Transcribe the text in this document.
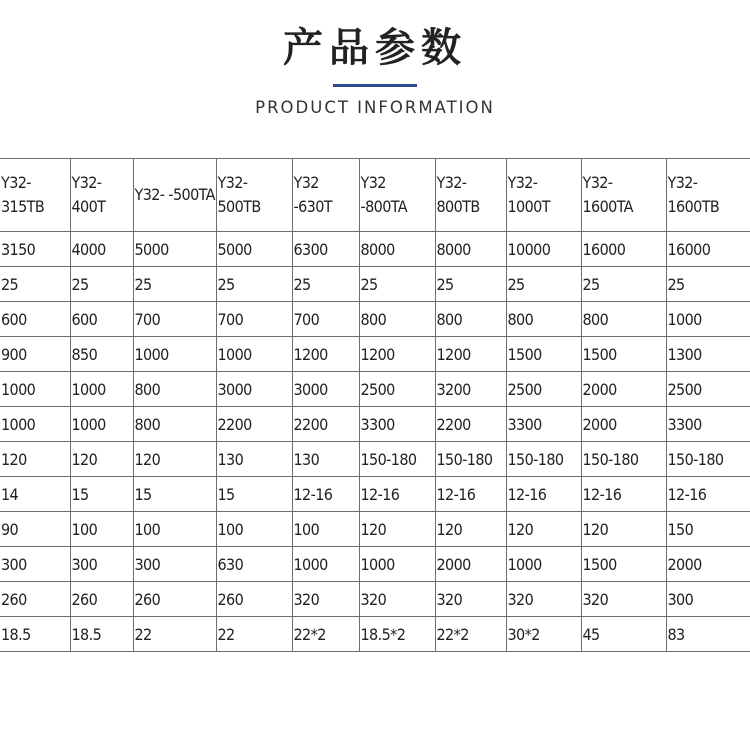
产品参数
PRODUCT INFORMATION
Y32-315TB	Y32-400T	Y32- -500TA	Y32- 500TB	Y32 -630T	Y32 -800TA	Y32-800TB	Y32- 1000T	Y32- 1600TA	Y32- 1600TB
3150	4000	5000	5000	6300	8000	8000	10000	16000	16000
25	25	25	25	25	25	25	25	25	25
600	600	700	700	700	800	800	800	800	1000
900	850	1000	1000	1200	1200	1200	1500	1500	1300
1000	1000	800	3000	3000	2500	3200	2500	2000	2500
1000	1000	800	2200	2200	3300	2200	3300	2000	3300
120	120	120	130	130	150-180	150-180	150-180	150-180	150-180
14	15	15	15	12-16	12-16	12-16	12-16	12-16	12-16
90	100	100	100	100	120	120	120	120	150
300	300	300	630	1000	1000	2000	1000	1500	2000
260	260	260	260	320	320	320	320	320	300
18.5	18.5	22	22	22*2	18.5*2	22*2	30*2	45	83
